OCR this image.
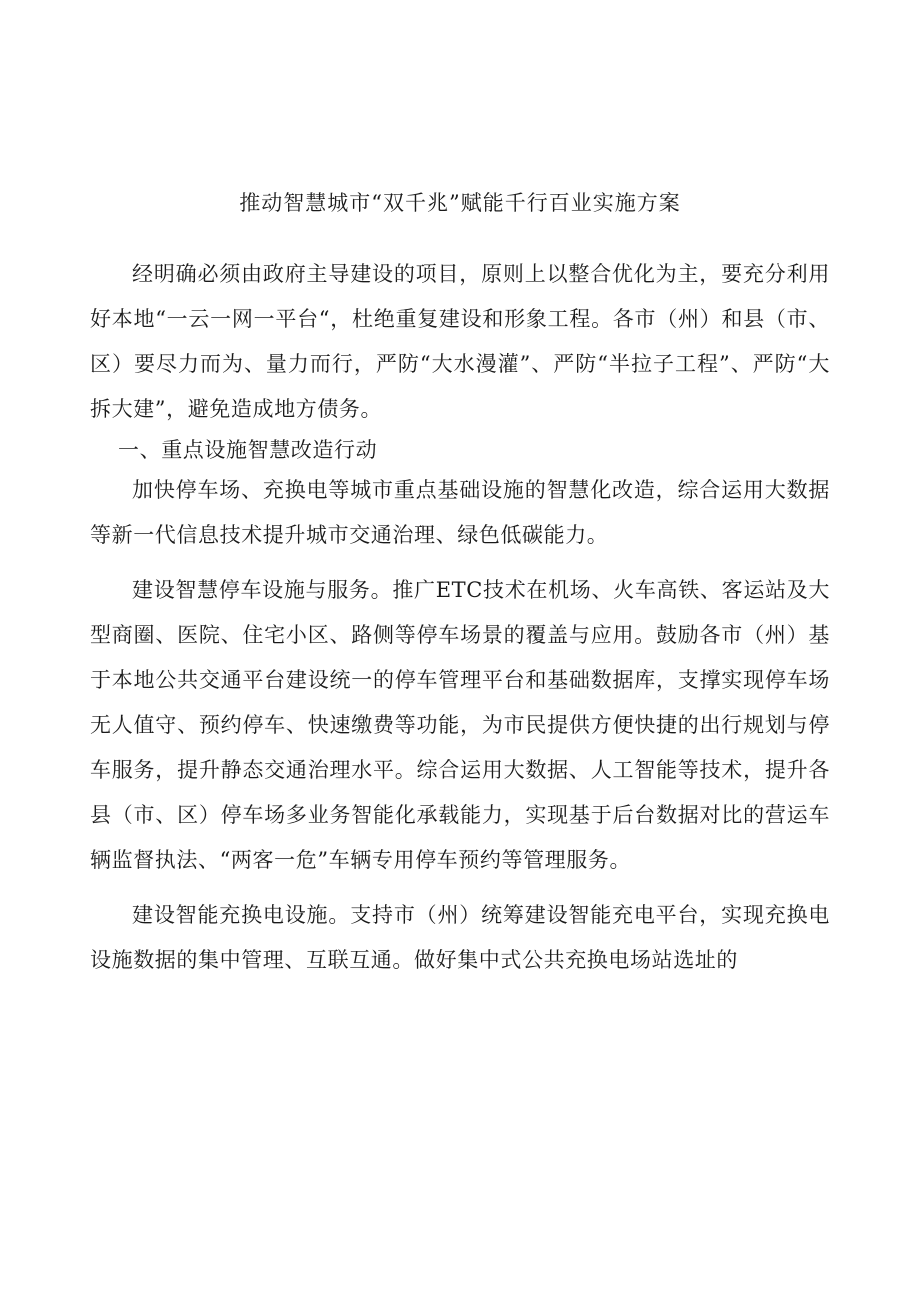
推动智慧城市“双千兆”赋能千行百业实施方案

经明确必须由政府主导建设的项目，原则上以整合优化为主，要充分利用好本地“一云一网一平台“，杜绝重复建设和形象工程。各市（州）和县（市、区）要尽力而为、量力而行，严防“大水漫灌”、严防“半拉子工程”、严防“大拆大建”，避免造成地方债务。

一、重点设施智慧改造行动

加快停车场、充换电等城市重点基础设施的智慧化改造，综合运用大数据等新一代信息技术提升城市交通治理、绿色低碳能力。

建设智慧停车设施与服务。推广ETC技术在机场、火车高铁、客运站及大型商圈、医院、住宅小区、路侧等停车场景的覆盖与应用。鼓励各市（州）基于本地公共交通平台建设统一的停车管理平台和基础数据库，支撑实现停车场无人值守、预约停车、快速缴费等功能，为市民提供方便快捷的出行规划与停车服务，提升静态交通治理水平。综合运用大数据、人工智能等技术，提升各县（市、区）停车场多业务智能化承载能力，实现基于后台数据对比的营运车辆监督执法、“两客一危”车辆专用停车预约等管理服务。

建设智能充换电设施。支持市（州）统筹建设智能充电平台，实现充换电设施数据的集中管理、互联互通。做好集中式公共充换电场站选址的
